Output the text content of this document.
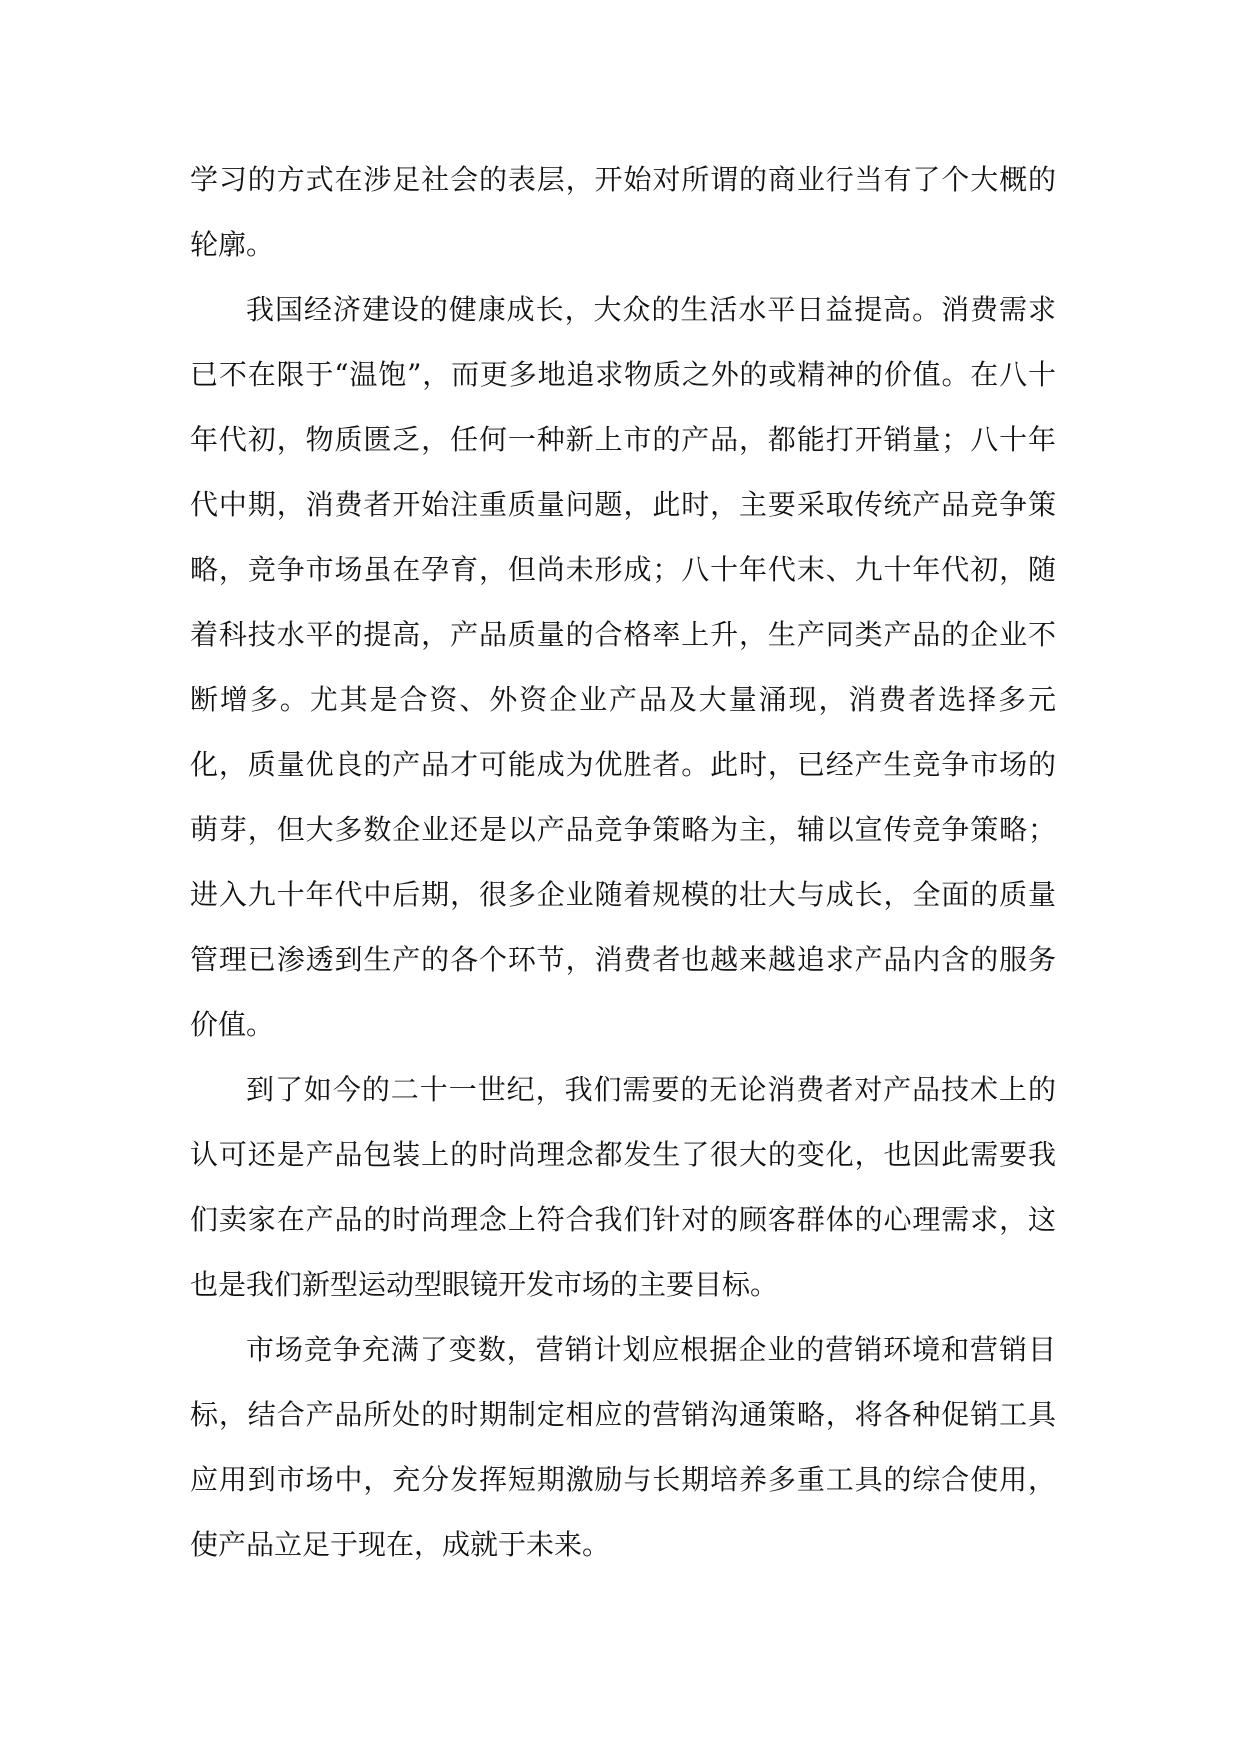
学习的方式在涉足社会的表层，开始对所谓的商业行当有了个大概的轮廓。

我国经济建设的健康成长，大众的生活水平日益提高。消费需求已不在限于“温饱”，而更多地追求物质之外的或精神的价值。在八十年代初，物质匮乏，任何一种新上市的产品，都能打开销量；八十年代中期，消费者开始注重质量问题，此时，主要采取传统产品竞争策略，竞争市场虽在孕育，但尚未形成；八十年代末、九十年代初，随着科技水平的提高，产品质量的合格率上升，生产同类产品的企业不断增多。尤其是合资、外资企业产品及大量涌现，消费者选择多元化，质量优良的产品才可能成为优胜者。此时，已经产生竞争市场的萌芽，但大多数企业还是以产品竞争策略为主，辅以宣传竞争策略；进入九十年代中后期，很多企业随着规模的壮大与成长，全面的质量管理已渗透到生产的各个环节，消费者也越来越追求产品内含的服务价值。

到了如今的二十一世纪，我们需要的无论消费者对产品技术上的认可还是产品包装上的时尚理念都发生了很大的变化，也因此需要我们卖家在产品的时尚理念上符合我们针对的顾客群体的心理需求，这也是我们新型运动型眼镜开发市场的主要目标。

市场竞争充满了变数，营销计划应根据企业的营销环境和营销目标，结合产品所处的时期制定相应的营销沟通策略，将各种促销工具应用到市场中，充分发挥短期激励与长期培养多重工具的综合使用，使产品立足于现在，成就于未来。
